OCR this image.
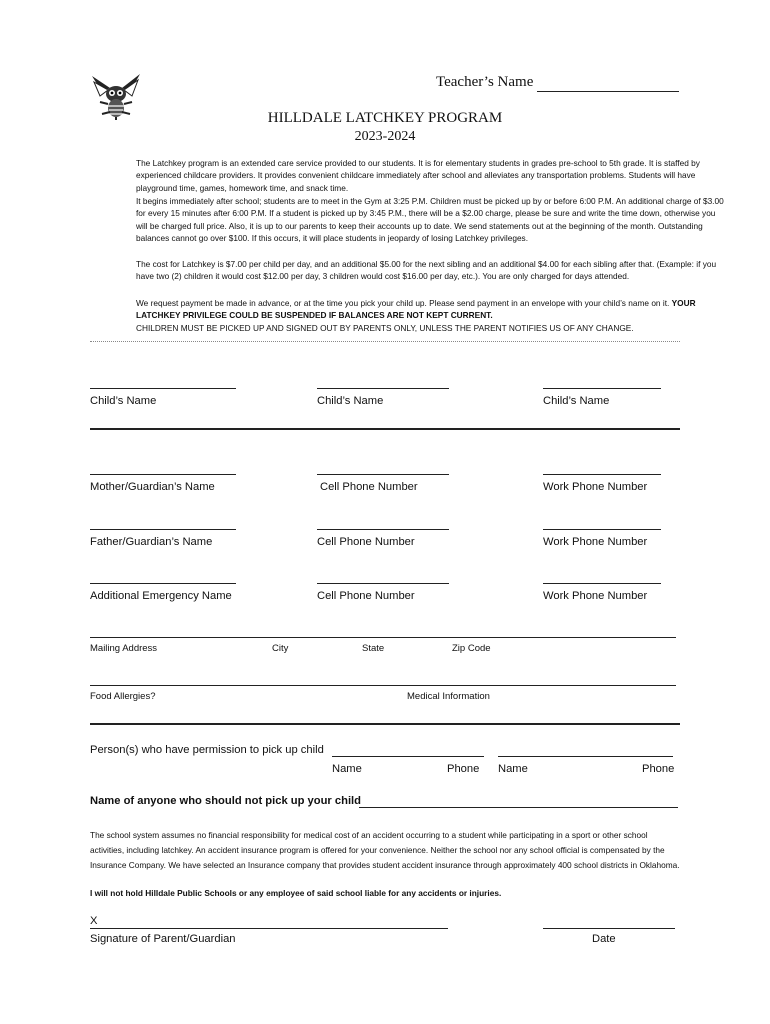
Teacher’s Name
HILLDALE LATCHKEY PROGRAM
2023-2024

The Latchkey program is an extended care service provided to our students. It is for elementary students in grades pre-school to 5th grade. It is staffed by experienced childcare providers. It provides convenient childcare immediately after school and alleviates any transportation problems. Students will have playground time, games, homework time, and snack time.

It begins immediately after school; students are to meet in the Gym at 3:25 P.M. Children must be picked up by or before 6:00 P.M. An additional charge of $3.00 for every 15 minutes after 6:00 P.M. If a student is picked up by 3:45 P.M., there will be a $2.00 charge, please be sure and write the time down, otherwise you will be charged full price. Also, it is up to our parents to keep their accounts up to date. We send statements out at the beginning of the month. Outstanding balances cannot go over $100. If this occurs, it will place students in jeopardy of losing Latchkey privileges.

The cost for Latchkey is $7.00 per child per day, and an additional $5.00 for the next sibling and an additional $4.00 for each sibling after that. (Example: if you have two (2) children it would cost $12.00 per day, 3 children would cost $16.00 per day, etc.). You are only charged for days attended.

We request payment be made in advance, or at the time you pick your child up. Please send payment in an envelope with your child’s name on it. YOUR LATCHKEY PRIVILEGE COULD BE SUSPENDED IF BALANCES ARE NOT KEPT CURRENT.

CHILDREN MUST BE PICKED UP AND SIGNED OUT BY PARENTS ONLY, UNLESS THE PARENT NOTIFIES US OF ANY CHANGE.

Child’s Name	Child’s Name	Child’s Name
Mother/Guardian’s Name	Cell Phone Number	Work Phone Number
Father/Guardian’s Name	Cell Phone Number	Work Phone Number
Additional Emergency Name	Cell Phone Number	Work Phone Number
Mailing Address	City	State	Zip Code
Food Allergies?	Medical Information
Person(s) who have permission to pick up child
Name	Phone Name	Phone
Name of anyone who should not pick up your child

The school system assumes no financial responsibility for medical cost of an accident occurring to a student while participating in a sport or other school activities, including latchkey. An accident insurance program is offered for your convenience. Neither the school nor any school official is compensated by the Insurance Company. We have selected an Insurance company that provides student accident insurance through approximately 400 school districts in Oklahoma.

I will not hold Hilldale Public Schools or any employee of said school liable for any accidents or injuries.

X
Signature of Parent/Guardian	Date
